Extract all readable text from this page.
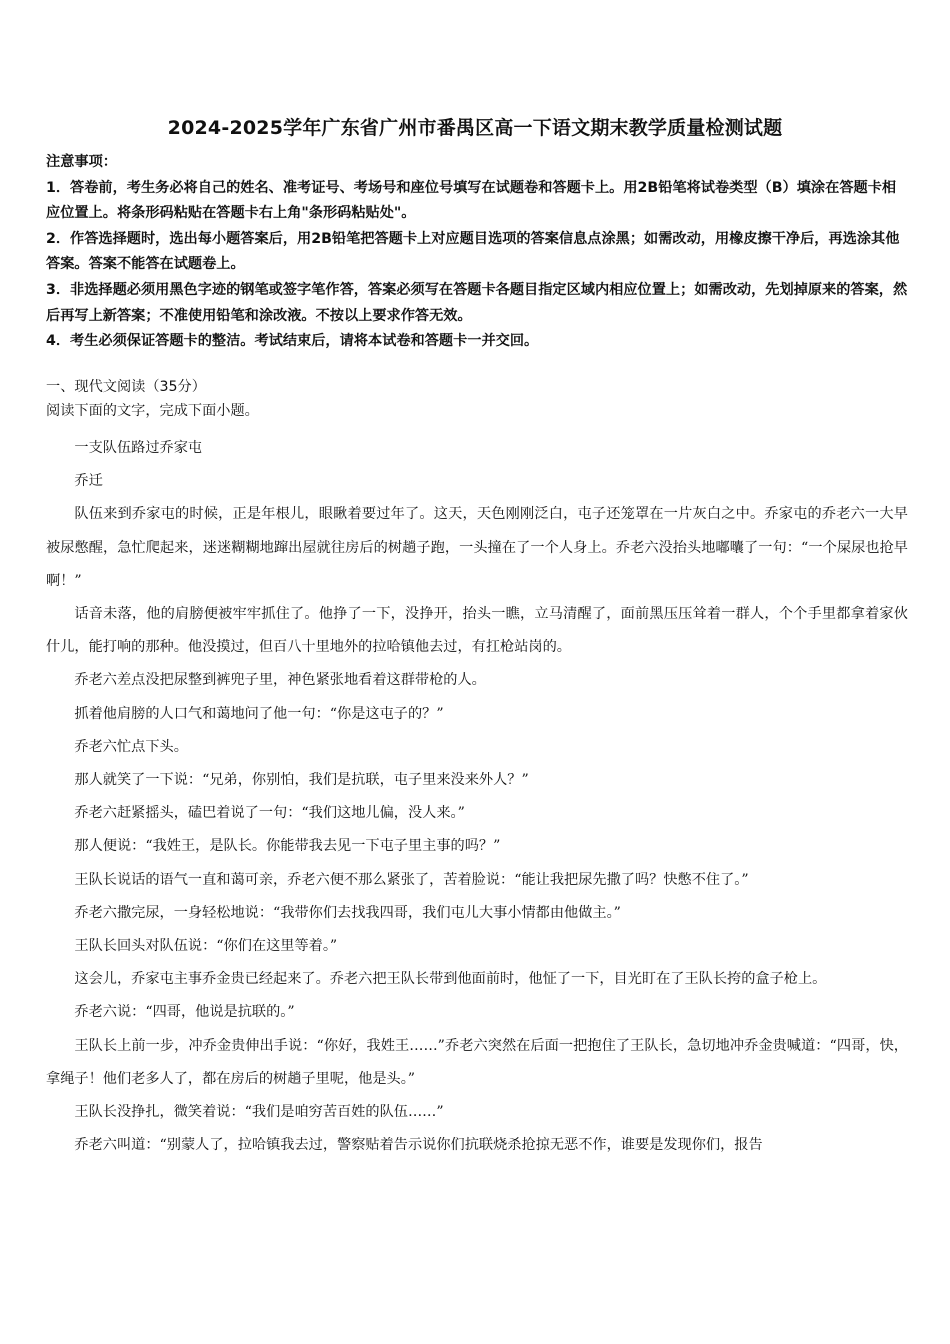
2024-2025学年广东省广州市番禺区高一下语文期末教学质量检测试题

注意事项：

1．答卷前，考生务必将自己的姓名、准考证号、考场号和座位号填写在试题卷和答题卡上。用2B铅笔将试卷类型（B）填涂在答题卡相应位置上。将条形码粘贴在答题卡右上角"条形码粘贴处"。

2．作答选择题时，选出每小题答案后，用2B铅笔把答题卡上对应题目选项的答案信息点涂黑；如需改动，用橡皮擦干净后，再选涂其他答案。答案不能答在试题卷上。

3．非选择题必须用黑色字迹的钢笔或签字笔作答，答案必须写在答题卡各题目指定区域内相应位置上；如需改动，先划掉原来的答案，然后再写上新答案；不准使用铅笔和涂改液。不按以上要求作答无效。

4．考生必须保证答题卡的整洁。考试结束后，请将本试卷和答题卡一并交回。

一、现代文阅读（35分）

阅读下面的文字，完成下面小题。

一支队伍路过乔家屯

乔迁

队伍来到乔家屯的时候，正是年根儿，眼瞅着要过年了。这天，天色刚刚泛白，屯子还笼罩在一片灰白之中。乔家屯的乔老六一大早被尿憋醒，急忙爬起来，迷迷糊糊地蹿出屋就往房后的树趟子跑，一头撞在了一个人身上。乔老六没抬头地嘟囔了一句：“一个屎尿也抢早啊！”

话音未落，他的肩膀便被牢牢抓住了。他挣了一下，没挣开，抬头一瞧，立马清醒了，面前黑压压耸着一群人，个个手里都拿着家伙什儿，能打响的那种。他没摸过，但百八十里地外的拉哈镇他去过，有扛枪站岗的。

乔老六差点没把尿整到裤兜子里，神色紧张地看着这群带枪的人。

抓着他肩膀的人口气和蔼地问了他一句：“你是这屯子的？”

乔老六忙点下头。

那人就笑了一下说：“兄弟，你别怕，我们是抗联，屯子里来没来外人？”

乔老六赶紧摇头，磕巴着说了一句：“我们这地儿偏，没人来。”

那人便说：“我姓王，是队长。你能带我去见一下屯子里主事的吗？”

王队长说话的语气一直和蔼可亲，乔老六便不那么紧张了，苦着脸说：“能让我把尿先撒了吗？快憋不住了。”

乔老六撒完尿，一身轻松地说：“我带你们去找我四哥，我们屯儿大事小情都由他做主。”

王队长回头对队伍说：“你们在这里等着。”

这会儿，乔家屯主事乔金贵已经起来了。乔老六把王队长带到他面前时，他怔了一下，目光盯在了王队长挎的盒子枪上。

乔老六说：“四哥，他说是抗联的。”

王队长上前一步，冲乔金贵伸出手说：“你好，我姓王……”乔老六突然在后面一把抱住了王队长，急切地冲乔金贵喊道：“四哥，快，拿绳子！他们老多人了，都在房后的树趟子里呢，他是头。”

王队长没挣扎，微笑着说：“我们是咱穷苦百姓的队伍……”

乔老六叫道：“别蒙人了，拉哈镇我去过，警察贴着告示说你们抗联烧杀抢掠无恶不作，谁要是发现你们，报告
